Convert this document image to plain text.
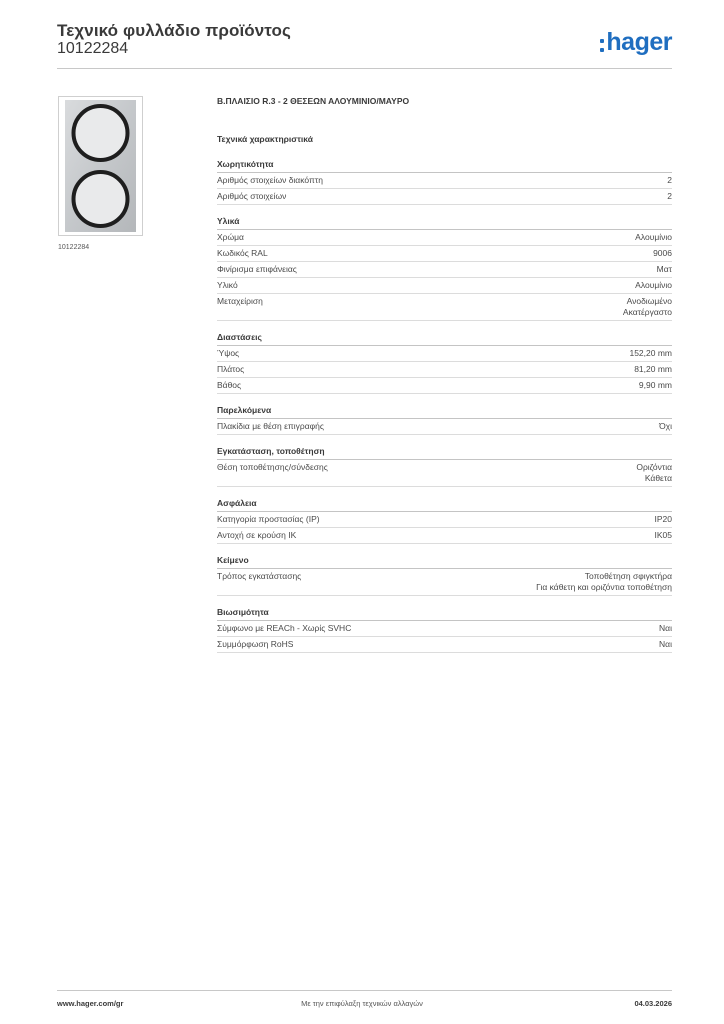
Τεχνικό φυλλάδιο προϊόντος
10122284	hager
10122284
Β.ΠΛΑΙΣΙΟ R.3 - 2 ΘΕΣΕΩΝ ΑΛΟΥΜΙΝΙΟ/ΜΑΥΡΟ
Τεχνικά χαρακτηριστικά
Χωρητικότητα
Αριθμός στοιχείων διακόπτη	2
Αριθμός στοιχείων	2
Υλικά
Χρώμα	Αλουμίνιο
Κωδικός RAL	9006
Φινίρισμα επιφάνειας	Ματ
Υλικό	Αλουμίνιο
Μεταχείριση	Ανοδιωμένο
Ακατέργαστο
Διαστάσεις
Ύψος	152,20 mm
Πλάτος	81,20 mm
Βάθος	9,90 mm
Παρελκόμενα
Πλακίδια με θέση επιγραφής	Όχι
Εγκατάσταση, τοποθέτηση
Θέση τοποθέτησης/σύνδεσης	Οριζόντια
Κάθετα
Ασφάλεια
Κατηγορία προστασίας (IP)	IP20
Αντοχή σε κρούση IK	IK05
Κείμενο
Τρόπος εγκατάστασης	Τοποθέτηση σφιγκτήρα
Για κάθετη και οριζόντια τοποθέτηση
Βιωσιμότητα
Σύμφωνο με REACh - Χωρίς SVHC	Ναι
Συμμόρφωση RoHS	Ναι
www.hager.com/gr	Με την επιφύλαξη τεχνικών αλλαγών	04.03.2026
